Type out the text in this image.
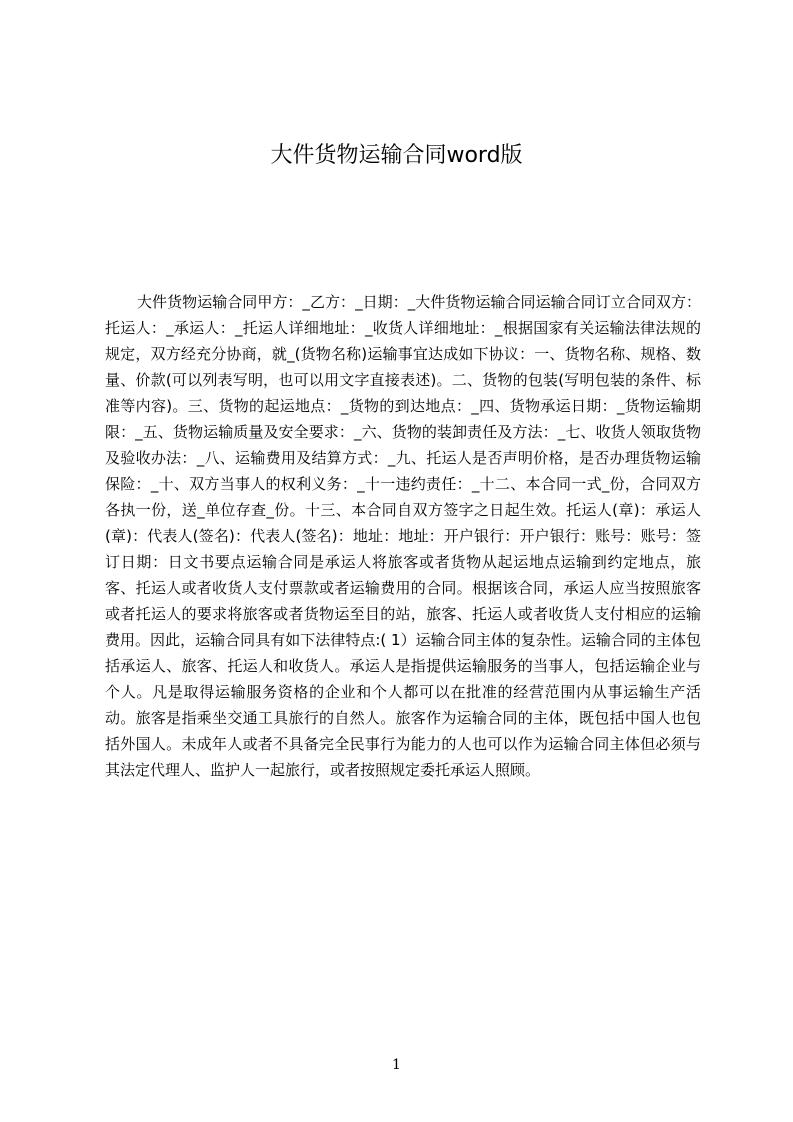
大件货物运输合同word版

大件货物运输合同甲方：_乙方：_日期：_大件货物运输合同运输合同订立合同双方：托运人：_承运人：_托运人详细地址：_收货人详细地址：_根据国家有关运输法律法规的规定，双方经充分协商，就_(货物名称)运输事宜达成如下协议：一、货物名称、规格、数量、价款(可以列表写明，也可以用文字直接表述)。二、货物的包装(写明包装的条件、标准等内容)。三、货物的起运地点：_货物的到达地点：_四、货物承运日期：_货物运输期限：_五、货物运输质量及安全要求：_六、货物的装卸责任及方法：_七、收货人领取货物及验收办法：_八、运输费用及结算方式：_九、托运人是否声明价格，是否办理货物运输保险：_十、双方当事人的权利义务：_十一违约责任：_十二、本合同一式_份，合同双方各执一份，送_单位存查_份。十三、本合同自双方签字之日起生效。托运人(章)：承运人(章)：代表人(签名)：代表人(签名)：地址：地址：开户银行：开户银行：账号：账号：签订日期：日文书要点运输合同是承运人将旅客或者货物从起运地点运输到约定地点，旅客、托运人或者收货人支付票款或者运输费用的合同。根据该合同，承运人应当按照旅客或者托运人的要求将旅客或者货物运至目的站，旅客、托运人或者收货人支付相应的运输费用。因此，运输合同具有如下法律特点:( 1）运输合同主体的复杂性。运输合同的主体包括承运人、旅客、托运人和收货人。承运人是指提供运输服务的当事人，包括运输企业与个人。凡是取得运输服务资格的企业和个人都可以在批准的经营范围内从事运输生产活动。旅客是指乘坐交通工具旅行的自然人。旅客作为运输合同的主体，既包括中国人也包括外国人。未成年人或者不具备完全民事行为能力的人也可以作为运输合同主体但必须与其法定代理人、监护人一起旅行，或者按照规定委托承运人照顾。

1
